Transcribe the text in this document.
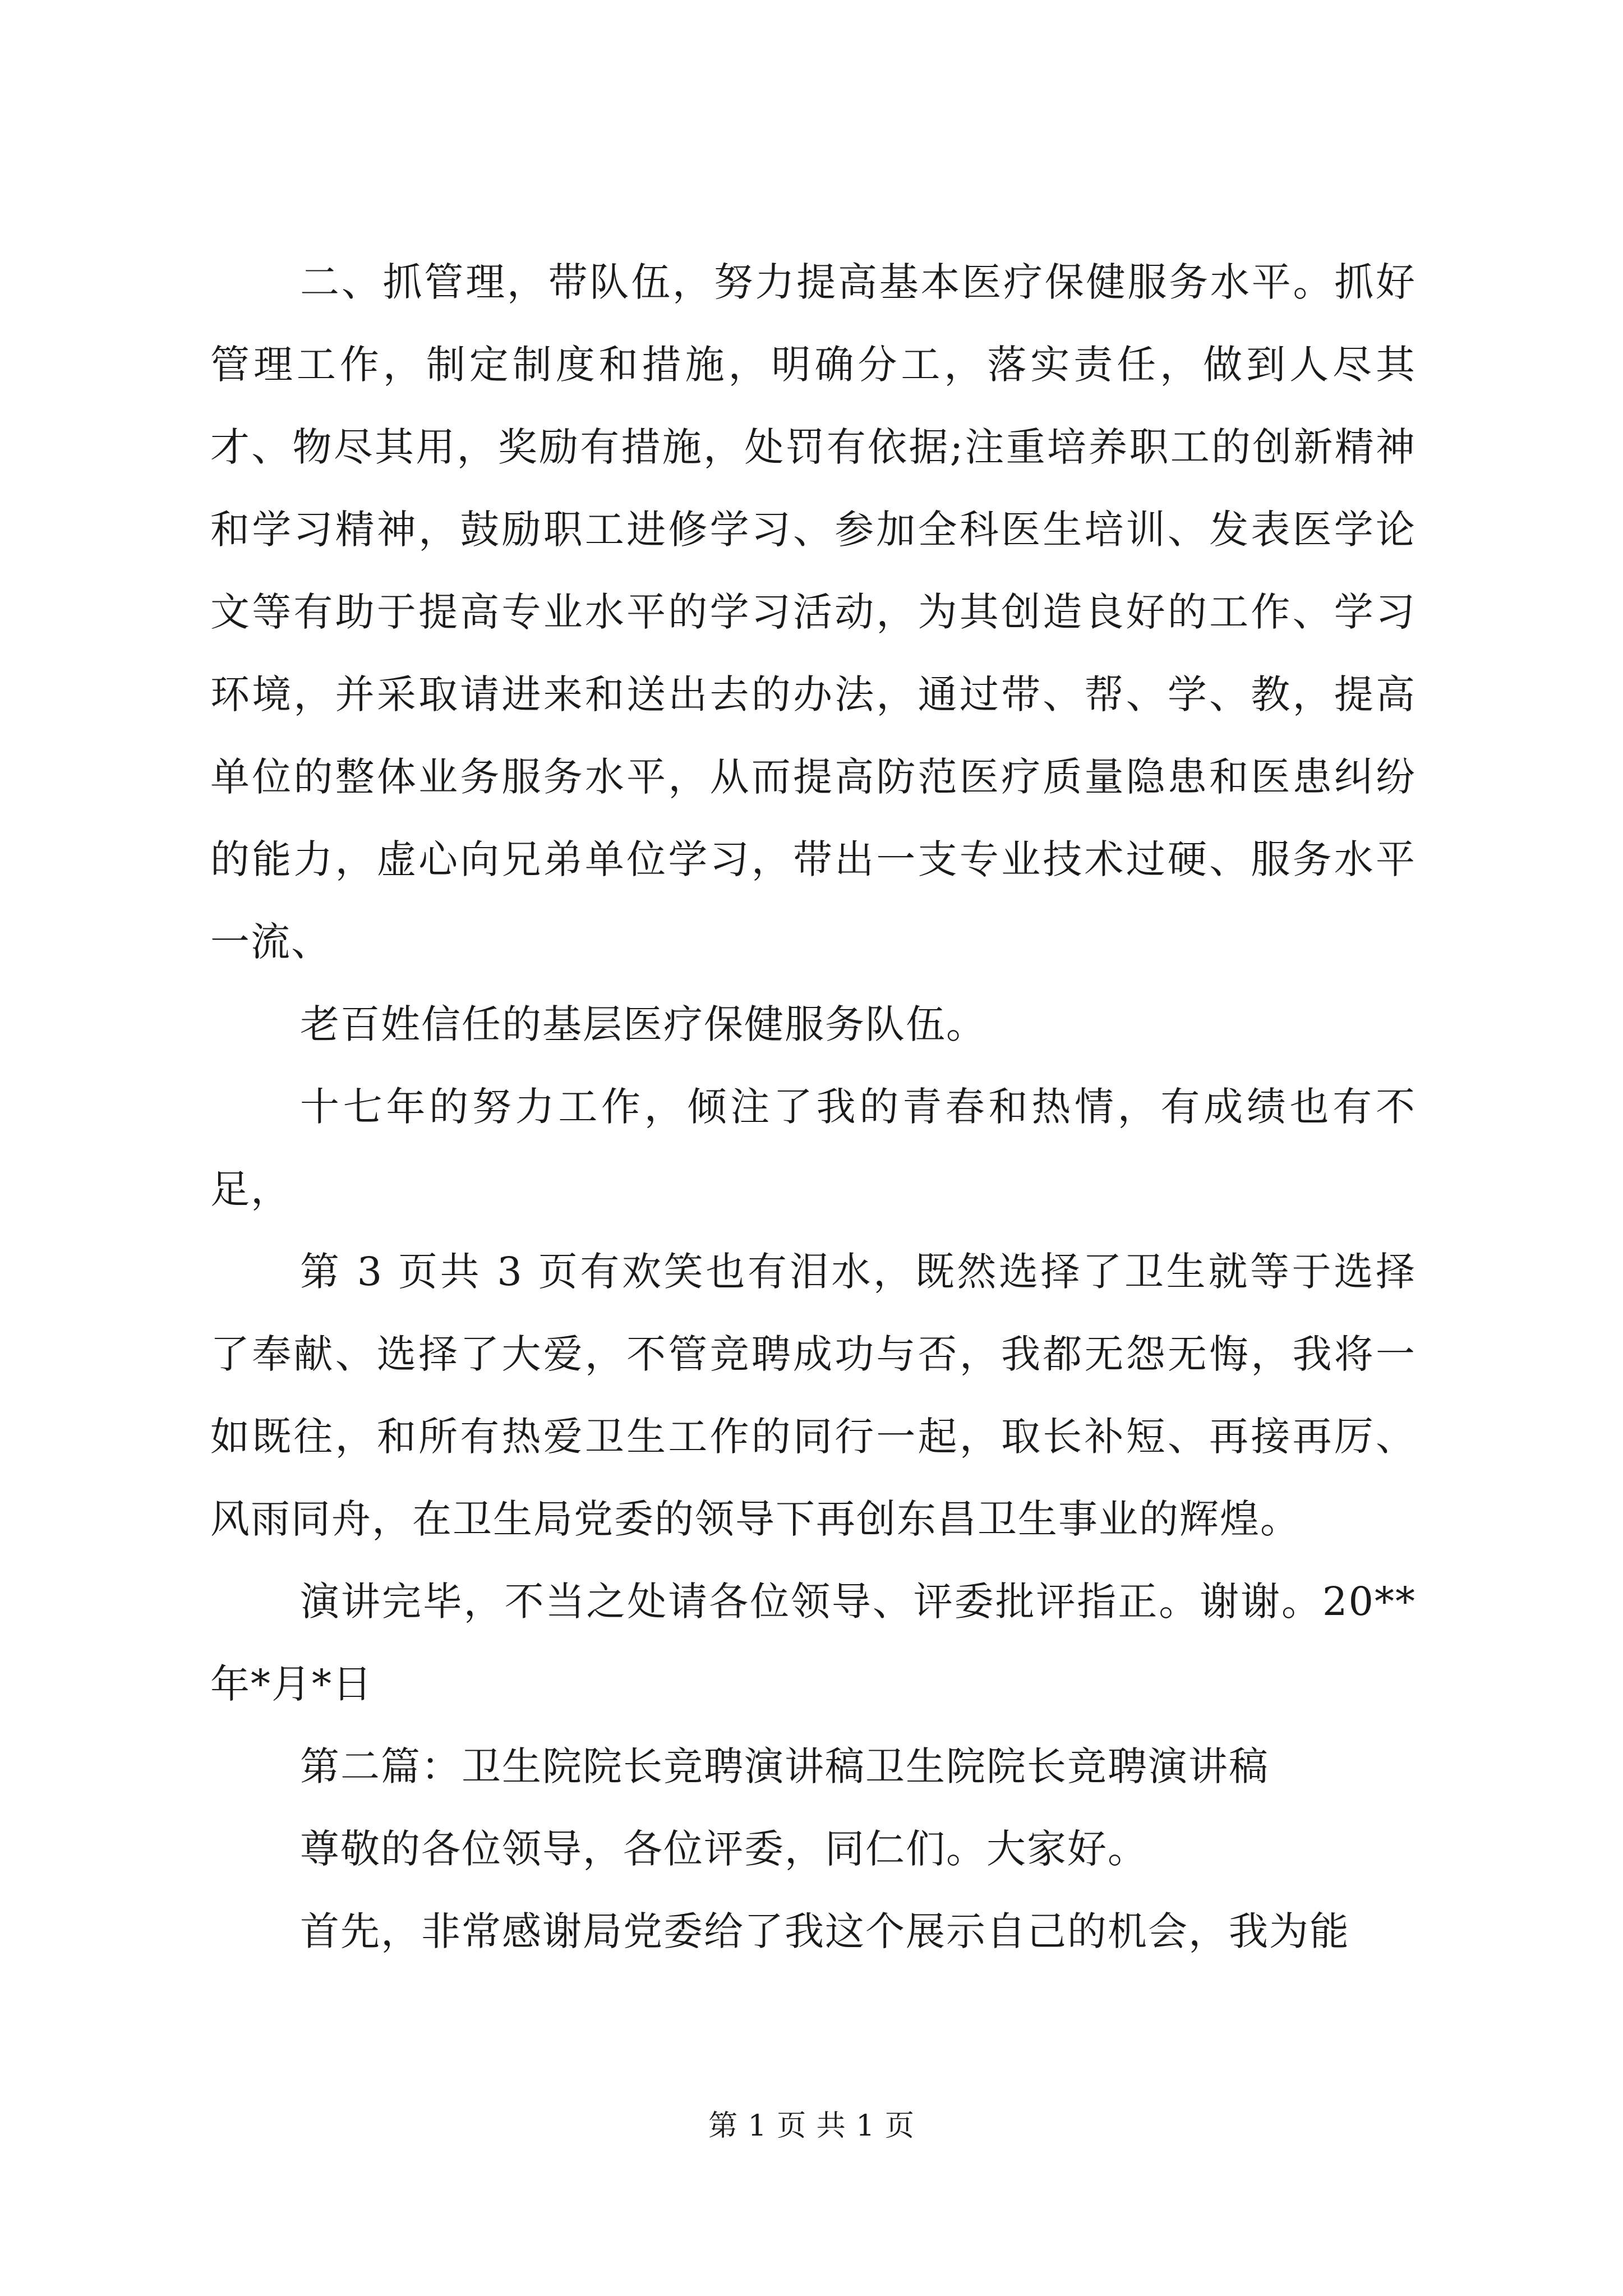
二、抓管理，带队伍，努力提高基本医疗保健服务水平。抓好管理工作，制定制度和措施，明确分工，落实责任，做到人尽其才、物尽其用，奖励有措施，处罚有依据;注重培养职工的创新精神和学习精神，鼓励职工进修学习、参加全科医生培训、发表医学论文等有助于提高专业水平的学习活动，为其创造良好的工作、学习环境，并采取请进来和送出去的办法，通过带、帮、学、教，提高单位的整体业务服务水平，从而提高防范医疗质量隐患和医患纠纷的能力，虚心向兄弟单位学习，带出一支专业技术过硬、服务水平一流、

老百姓信任的基层医疗保健服务队伍。

十七年的努力工作，倾注了我的青春和热情，有成绩也有不足，

第 3 页共 3 页有欢笑也有泪水，既然选择了卫生就等于选择了奉献、选择了大爱，不管竞聘成功与否，我都无怨无悔，我将一如既往，和所有热爱卫生工作的同行一起，取长补短、再接再厉、风雨同舟，在卫生局党委的领导下再创东昌卫生事业的辉煌。

演讲完毕，不当之处请各位领导、评委批评指正。谢谢。20**年*月*日

第二篇：卫生院院长竞聘演讲稿卫生院院长竞聘演讲稿

尊敬的各位领导，各位评委，同仁们。大家好。

首先，非常感谢局党委给了我这个展示自己的机会，我为能

第 1 页 共 1 页
